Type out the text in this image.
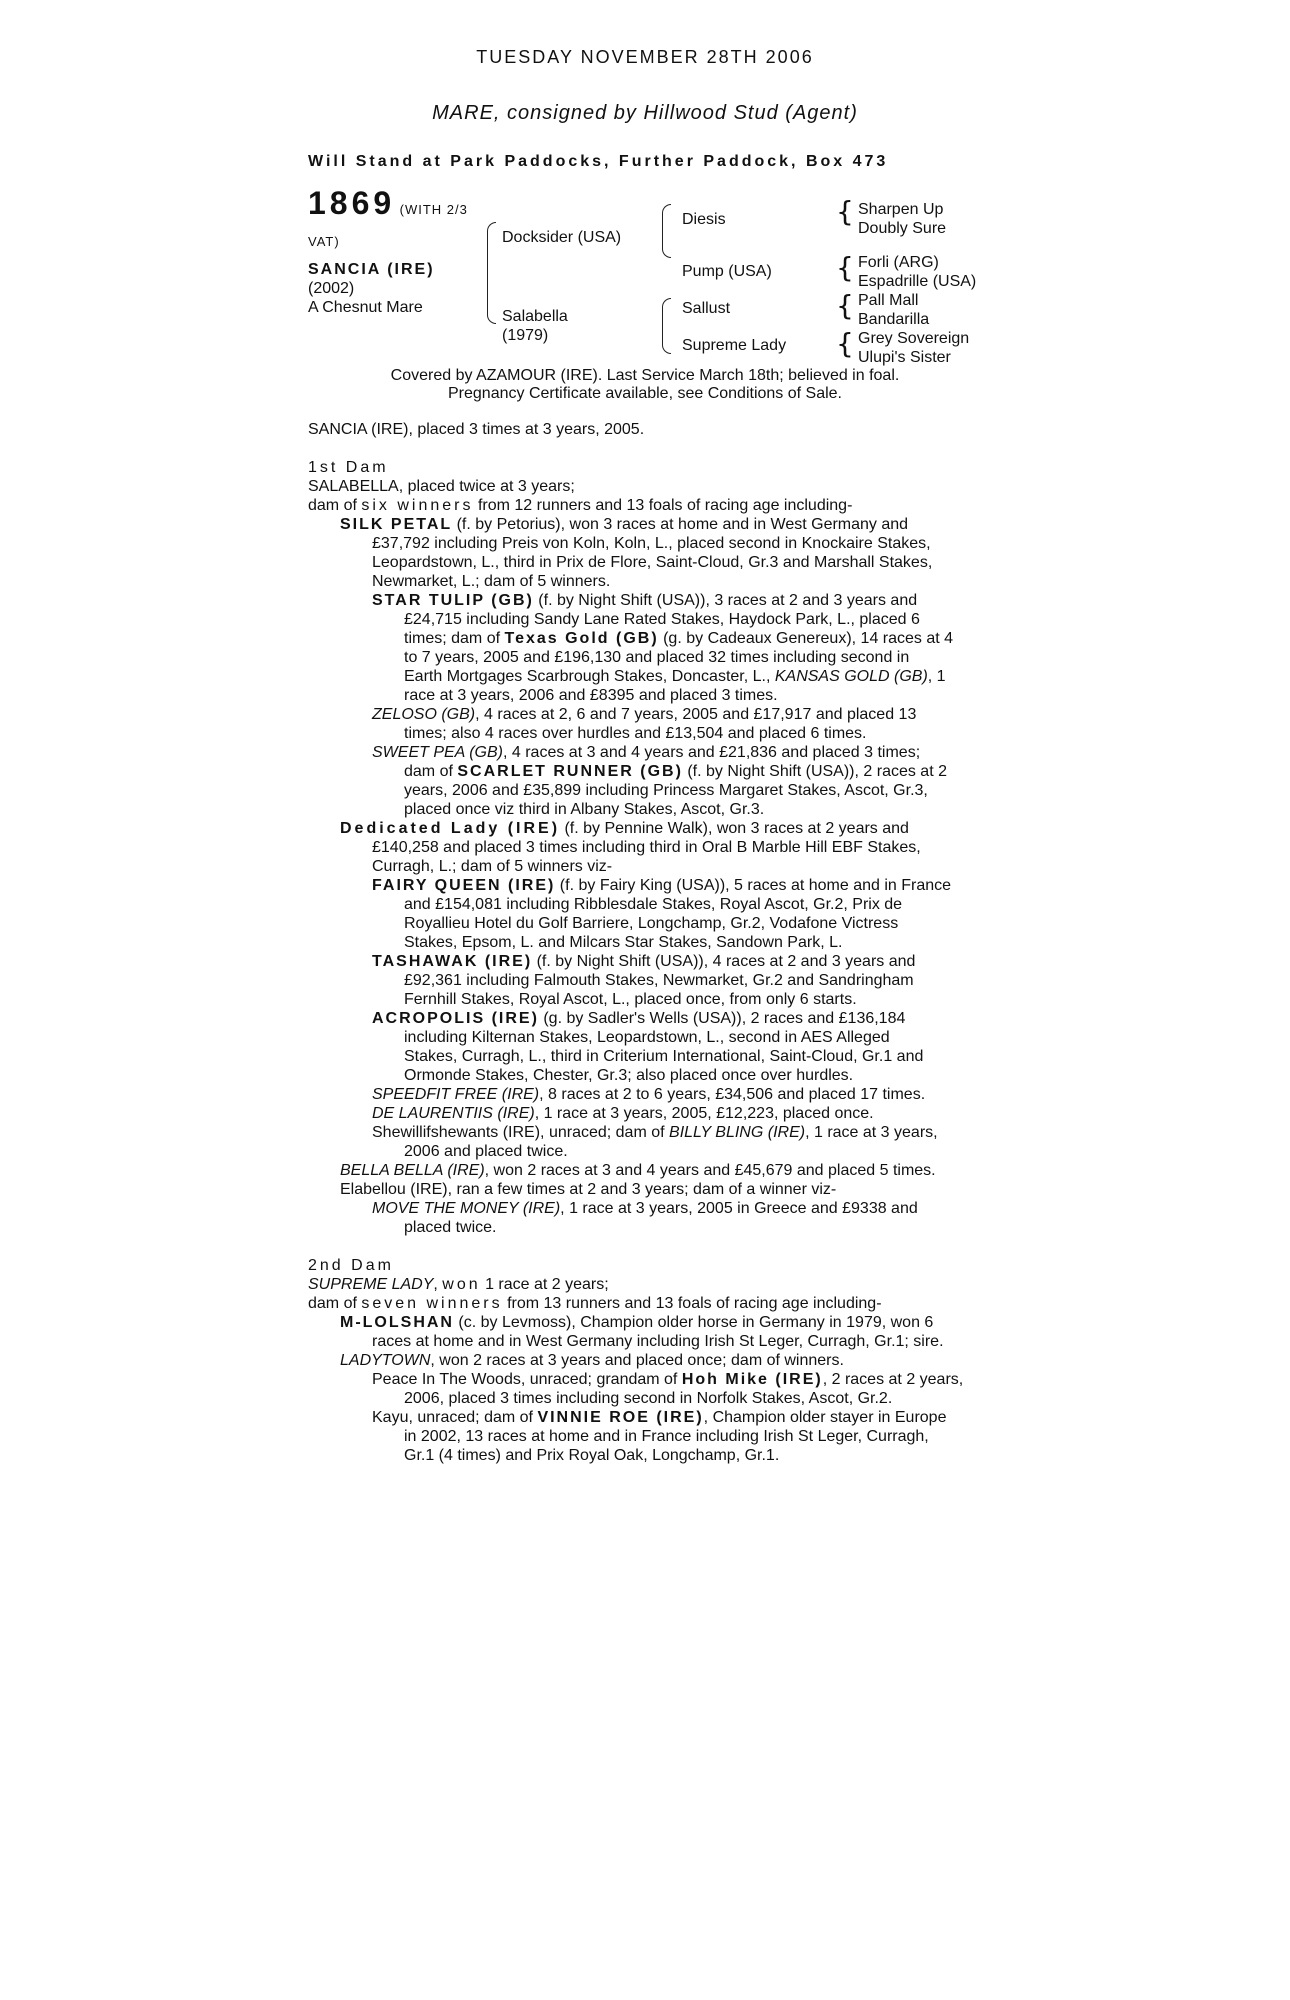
TUESDAY NOVEMBER 28TH 2006
MARE, consigned by Hillwood Stud (Agent)
Will Stand at Park Paddocks, Further Paddock, Box 473
1869 (WITH 2/3
VAT)
SANCIA (IRE)
(2002)
A Chesnut Mare
Docksider (USA)
Salabella
(1979)
Diesis
Pump (USA)
Sallust
Supreme Lady
{
{
{
{
Sharpen Up
Doubly Sure
Forli (ARG)
Espadrille (USA)
Pall Mall
Bandarilla
Grey Sovereign
Ulupi's Sister
Covered by AZAMOUR (IRE). Last Service March 18th; believed in foal.
Pregnancy Certificate available, see Conditions of Sale.
SANCIA (IRE), placed 3 times at 3 years, 2005.
1st Dam
SALABELLA, placed twice at 3 years;
dam of six winners from 12 runners and 13 foals of racing age including-
SILK PETAL (f. by Petorius), won 3 races at home and in West Germany and
£37,792 including Preis von Koln, Koln, L., placed second in Knockaire Stakes,
Leopardstown, L., third in Prix de Flore, Saint-Cloud, Gr.3 and Marshall Stakes,
Newmarket, L.; dam of 5 winners.
STAR TULIP (GB) (f. by Night Shift (USA)), 3 races at 2 and 3 years and
£24,715 including Sandy Lane Rated Stakes, Haydock Park, L., placed 6
times; dam of Texas Gold (GB) (g. by Cadeaux Genereux), 14 races at 4
to 7 years, 2005 and £196,130 and placed 32 times including second in
Earth Mortgages Scarbrough Stakes, Doncaster, L., KANSAS GOLD (GB), 1
race at 3 years, 2006 and £8395 and placed 3 times.
ZELOSO (GB), 4 races at 2, 6 and 7 years, 2005 and £17,917 and placed 13
times; also 4 races over hurdles and £13,504 and placed 6 times.
SWEET PEA (GB), 4 races at 3 and 4 years and £21,836 and placed 3 times;
dam of SCARLET RUNNER (GB) (f. by Night Shift (USA)), 2 races at 2
years, 2006 and £35,899 including Princess Margaret Stakes, Ascot, Gr.3,
placed once viz third in Albany Stakes, Ascot, Gr.3.
Dedicated Lady (IRE) (f. by Pennine Walk), won 3 races at 2 years and
£140,258 and placed 3 times including third in Oral B Marble Hill EBF Stakes,
Curragh, L.; dam of 5 winners viz-
FAIRY QUEEN (IRE) (f. by Fairy King (USA)), 5 races at home and in France
and £154,081 including Ribblesdale Stakes, Royal Ascot, Gr.2, Prix de
Royallieu Hotel du Golf Barriere, Longchamp, Gr.2, Vodafone Victress
Stakes, Epsom, L. and Milcars Star Stakes, Sandown Park, L.
TASHAWAK (IRE) (f. by Night Shift (USA)), 4 races at 2 and 3 years and
£92,361 including Falmouth Stakes, Newmarket, Gr.2 and Sandringham
Fernhill Stakes, Royal Ascot, L., placed once, from only 6 starts.
ACROPOLIS (IRE) (g. by Sadler's Wells (USA)), 2 races and £136,184
including Kilternan Stakes, Leopardstown, L., second in AES Alleged
Stakes, Curragh, L., third in Criterium International, Saint-Cloud, Gr.1 and
Ormonde Stakes, Chester, Gr.3; also placed once over hurdles.
SPEEDFIT FREE (IRE), 8 races at 2 to 6 years, £34,506 and placed 17 times.
DE LAURENTIIS (IRE), 1 race at 3 years, 2005, £12,223, placed once.
Shewillifshewants (IRE), unraced; dam of BILLY BLING (IRE), 1 race at 3 years,
2006 and placed twice.
BELLA BELLA (IRE), won 2 races at 3 and 4 years and £45,679 and placed 5 times.
Elabellou (IRE), ran a few times at 2 and 3 years; dam of a winner viz-
MOVE THE MONEY (IRE), 1 race at 3 years, 2005 in Greece and £9338 and
placed twice.
2nd Dam
SUPREME LADY, won 1 race at 2 years;
dam of seven winners from 13 runners and 13 foals of racing age including-
M-LOLSHAN (c. by Levmoss), Champion older horse in Germany in 1979, won 6
races at home and in West Germany including Irish St Leger, Curragh, Gr.1; sire.
LADYTOWN, won 2 races at 3 years and placed once; dam of winners.
Peace In The Woods, unraced; grandam of Hoh Mike (IRE), 2 races at 2 years,
2006, placed 3 times including second in Norfolk Stakes, Ascot, Gr.2.
Kayu, unraced; dam of VINNIE ROE (IRE), Champion older stayer in Europe
in 2002, 13 races at home and in France including Irish St Leger, Curragh,
Gr.1 (4 times) and Prix Royal Oak, Longchamp, Gr.1.
